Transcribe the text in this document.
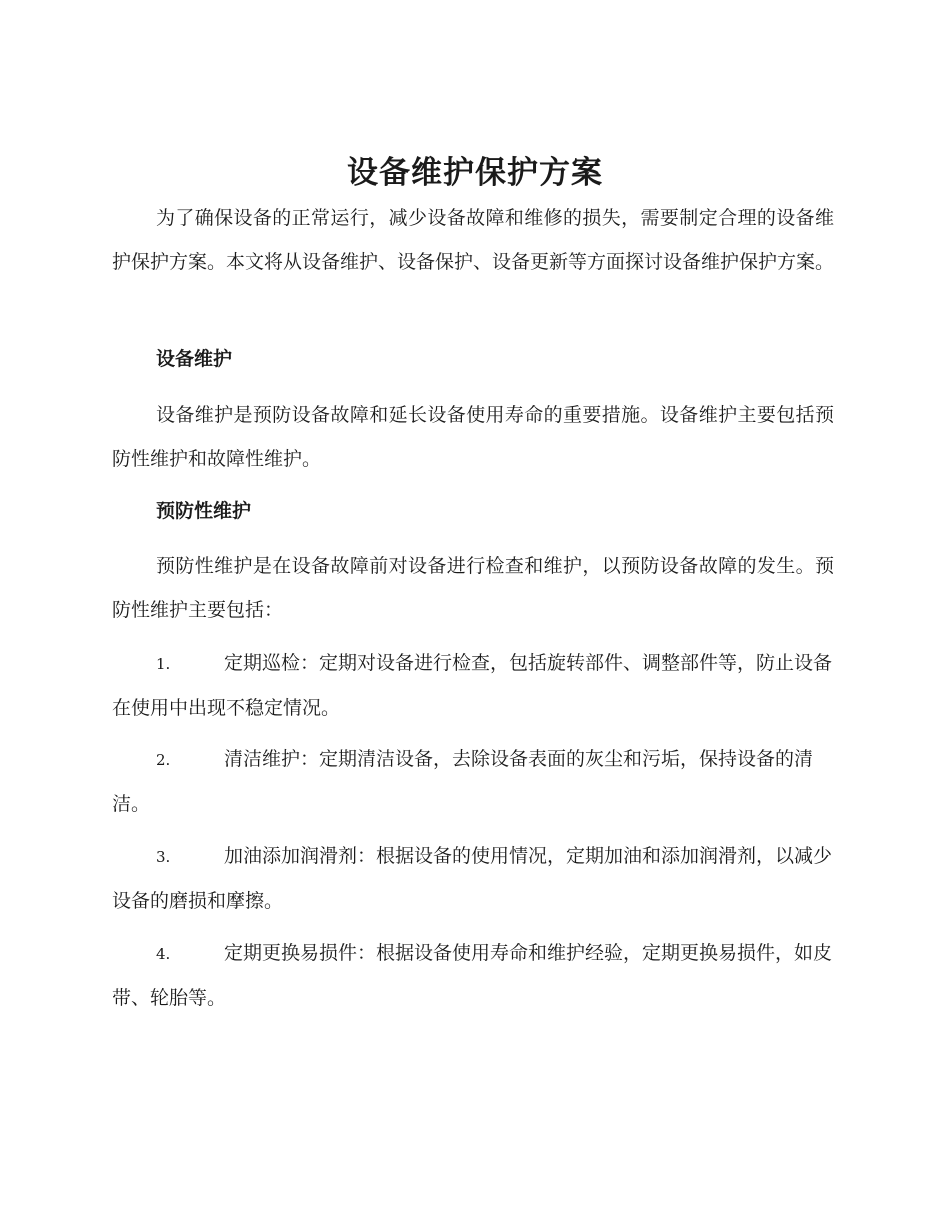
设备维护保护方案

为了确保设备的正常运行，减少设备故障和维修的损失，需要制定合理的设备维护保护方案。本文将从设备维护、设备保护、设备更新等方面探讨设备维护保护方案。

设备维护

设备维护是预防设备故障和延长设备使用寿命的重要措施。设备维护主要包括预防性维护和故障性维护。

预防性维护

预防性维护是在设备故障前对设备进行检查和维护，以预防设备故障的发生。预防性维护主要包括：

1.	定期巡检：定期对设备进行检查，包括旋转部件、调整部件等，防止设备在使用中出现不稳定情况。

2.	清洁维护：定期清洁设备，去除设备表面的灰尘和污垢，保持设备的清洁。

3.	加油添加润滑剂：根据设备的使用情况，定期加油和添加润滑剂，以减少设备的磨损和摩擦。

4.	定期更换易损件：根据设备使用寿命和维护经验，定期更换易损件，如皮带、轮胎等。
